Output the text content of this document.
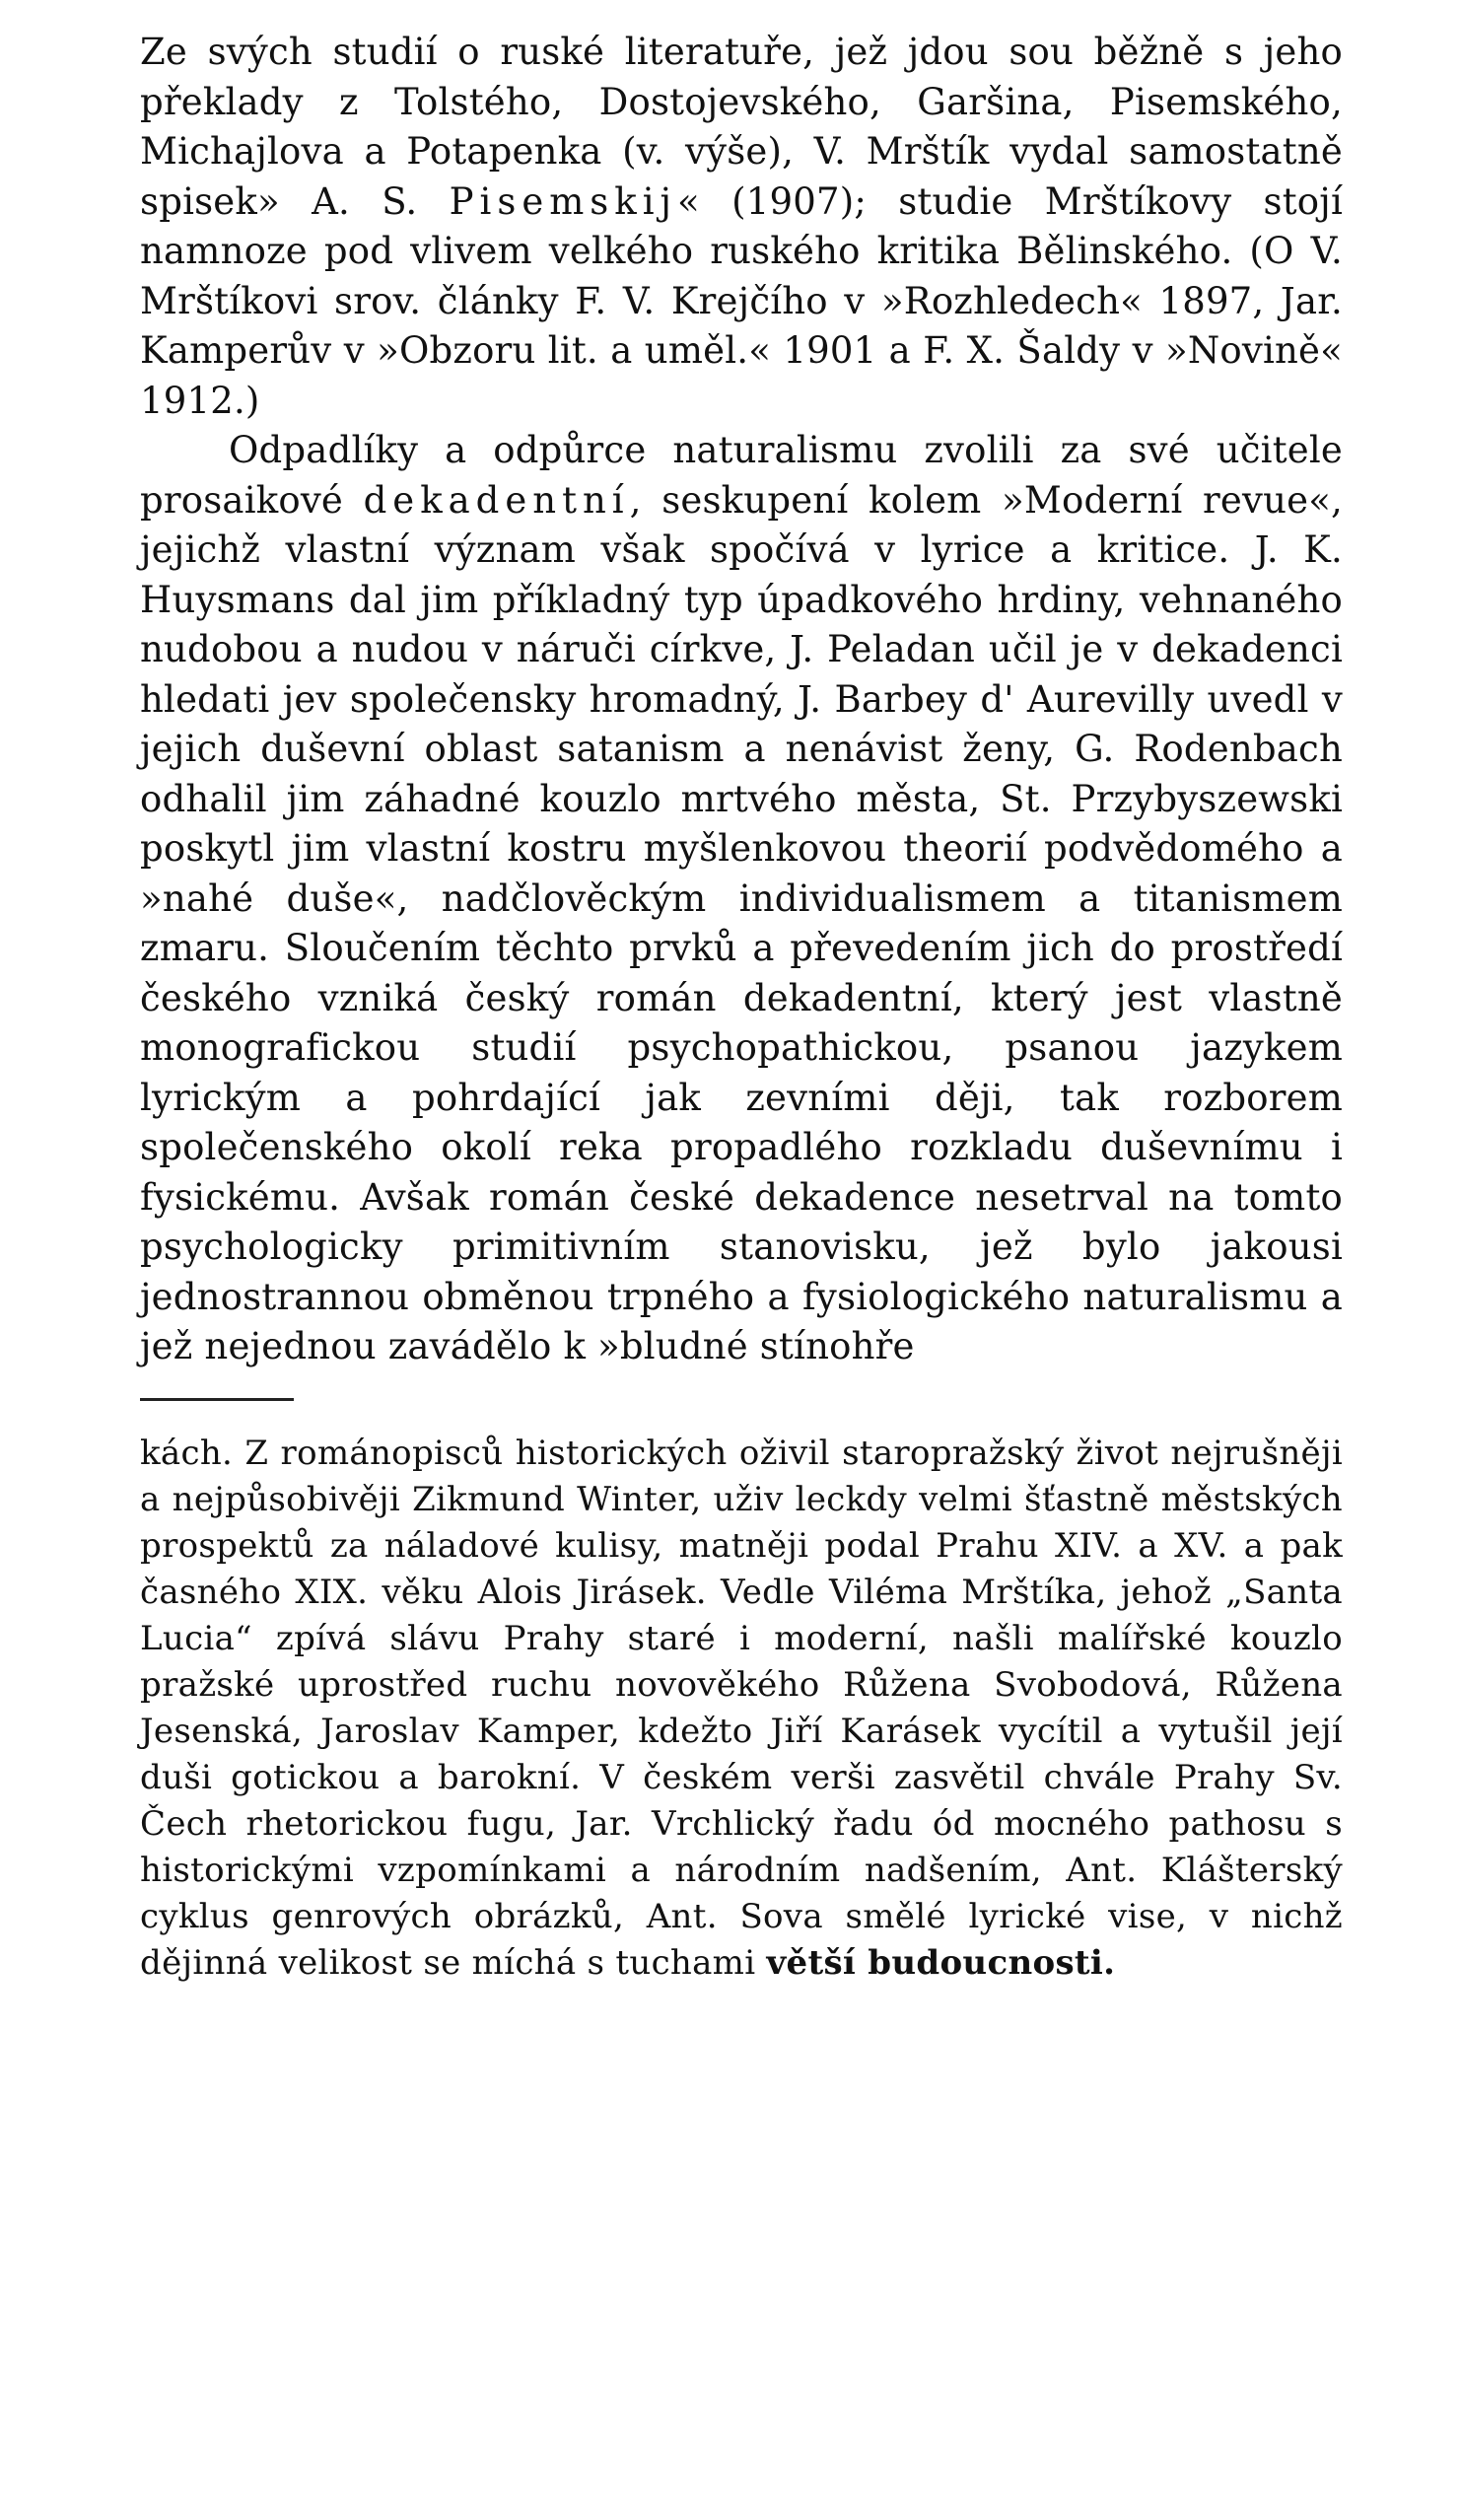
Ze svých studií o ruské literatuře, jež jdou sou běžně s jeho překlady z Tolstého, Dostojevského, Garšina, Pisemského, Michajlova a Potapenka (v. výše), V. Mrštík vydal samostatně spisek» A. S. Pisemskij« (1907); studie Mrštíkovy stojí namnoze pod vlivem velkého ruského kritika Bělinského. (O V. Mrštíkovi srov. články F. V. Krejčího v »Rozhledech« 1897, Jar. Kamperův v »Obzoru lit. a uměl.« 1901 a F. X. Šaldy v »Novině« 1912.)

Odpadlíky a odpůrce naturalismu zvolili za své učitele prosaikové dekadentní, seskupení kolem »Moderní revue«, jejichž vlastní význam však spočívá v lyrice a kritice. J. K. Huysmans dal jim příkladný typ úpadkového hrdiny, vehnaného nudobou a nudou v náruči církve, J. Peladan učil je v dekadenci hledati jev společensky hromadný, J. Barbey d' Aurevilly uvedl v jejich duševní oblast satanism a nenávist ženy, G. Rodenbach odhalil jim záhadné kouzlo mrtvého města, St. Przybyszewski poskytl jim vlastní kostru myšlenkovou theorií podvědomého a »nahé duše«, nadčlověckým individualismem a titanismem zmaru. Sloučením těchto prvků a převedením jich do prostředí českého vzniká český román dekadentní, který jest vlastně monografickou studií psychopathickou, psanou jazykem lyrickým a pohrdající jak zevními ději, tak rozborem společenského okolí reka propadlého rozkladu duševnímu i fysickému. Avšak román české dekadence nesetrval na tomto psychologicky primitivním stanovisku, jež bylo jakousi jednostrannou obměnou trpného a fysiologického naturalismu a jež nejednou zavádělo k »bludné stínohře

kách. Z románopisců historických oživil staropražský život nejrušněji a nejpůsobivěji Zikmund Winter, uživ leckdy velmi šťastně městských prospektů za náladové kulisy, matněji podal Prahu XIV. a XV. a pak časného XIX. věku Alois Jirásek. Vedle Viléma Mrštíka, jehož „Santa Lucia“ zpívá slávu Prahy staré i moderní, našli malířské kouzlo pražské uprostřed ruchu novověkého Růžena Svobodová, Růžena Jesenská, Jaroslav Kamper, kdežto Jiří Karásek vycítil a vytušil její duši gotickou a barokní. V českém verši zasvětil chvále Prahy Sv. Čech rhetorickou fugu, Jar. Vrchlický řadu ód mocného pathosu s historickými vzpomínkami a národním nadšením, Ant. Klášterský cyklus genrových obrázků, Ant. Sova smělé lyrické vise, v nichž dějinná velikost se míchá s tuchami větší budoucnosti.
